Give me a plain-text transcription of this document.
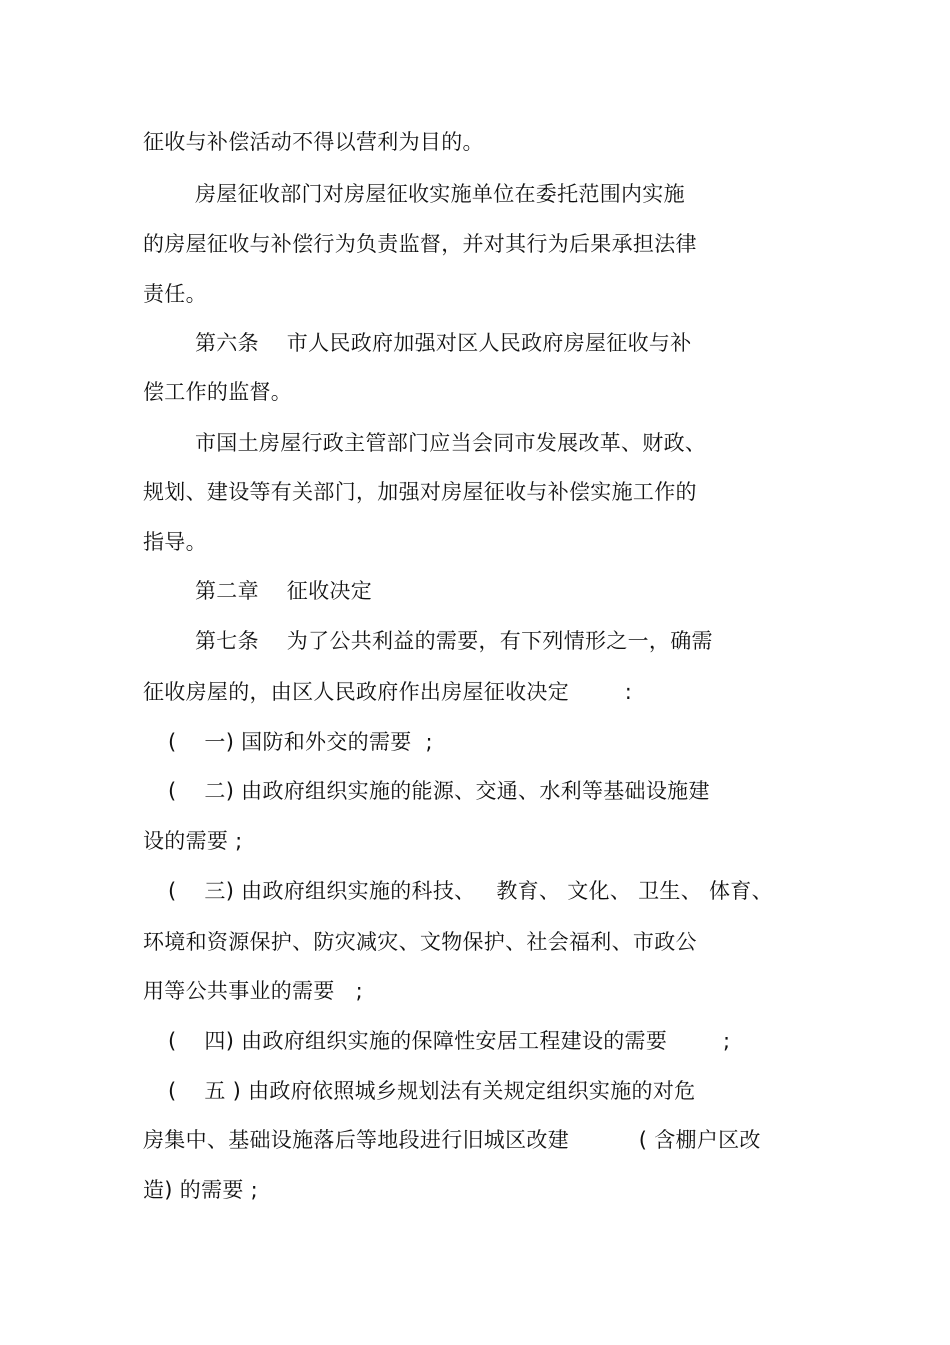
征收与补偿活动不得以营利为目的。
房屋征收部门对房屋征收实施单位在委托范围内实施
的房屋征收与补偿行为负责监督，并对其行为后果承担法律
责任。
第六条    市人民政府加强对区人民政府房屋征收与补
偿工作的监督。
市国土房屋行政主管部门应当会同市发展改革、财政、
规划、建设等有关部门，加强对房屋征收与补偿实施工作的
指导。
第二章    征收决定
第七条    为了公共利益的需要，有下列情形之一，确需
征收房屋的，由区人民政府作出房屋征收决定        :
(    一) 国防和外交的需要  ;
(    二) 由政府组织实施的能源、交通、水利等基础设施建
设的需要 ;
(    三) 由政府组织实施的科技、   教育、 文化、 卫生、 体育、
环境和资源保护、防灾减灾、文物保护、社会福利、市政公
用等公共事业的需要   ;
(    四) 由政府组织实施的保障性安居工程建设的需要        ;
(    五 ) 由政府依照城乡规划法有关规定组织实施的对危
房集中、基础设施落后等地段进行旧城区改建          ( 含棚户区改
造) 的需要 ;
